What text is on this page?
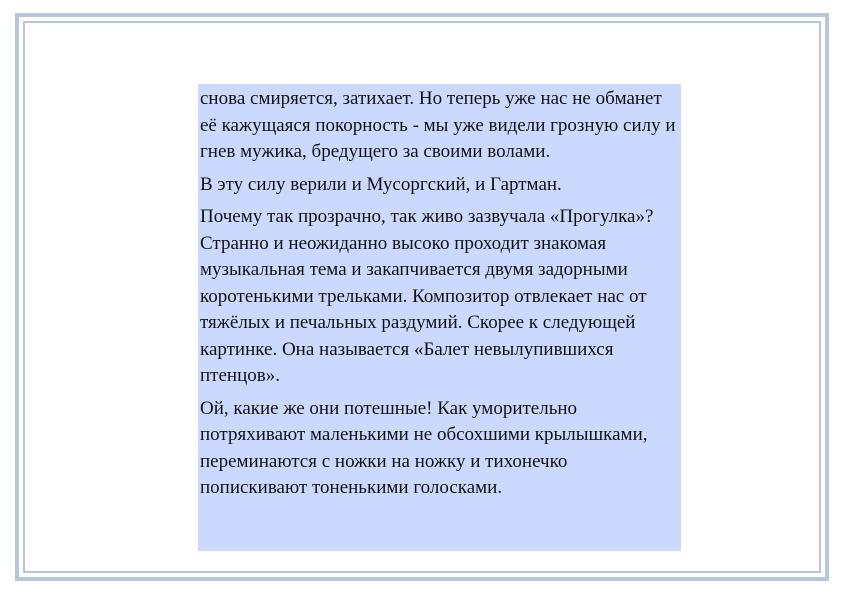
снова смиряется, затихает. Но теперь уже нас не обманет её кажущаяся покорность - мы уже видели грозную силу и гнев мужика, бредущего за своими волами.

В эту силу верили и Мусоргский, и Гартман.

Почему так прозрачно, так живо зазвучала «Прогулка»? Странно и неожиданно высоко проходит знакомая музыкальная тема и закапчивается двумя задорными коротенькими трельками. Композитор отвлекает нас от тяжёлых и печальных раздумий. Скорее к следующей картинке. Она называется «Балет невылупившихся птенцов».

Ой, какие же они потешные! Как уморительно потряхивают маленькими не обсохшими крылышками, переминаются с ножки на ножку и тихонечко попискивают тоненькими голосками.
